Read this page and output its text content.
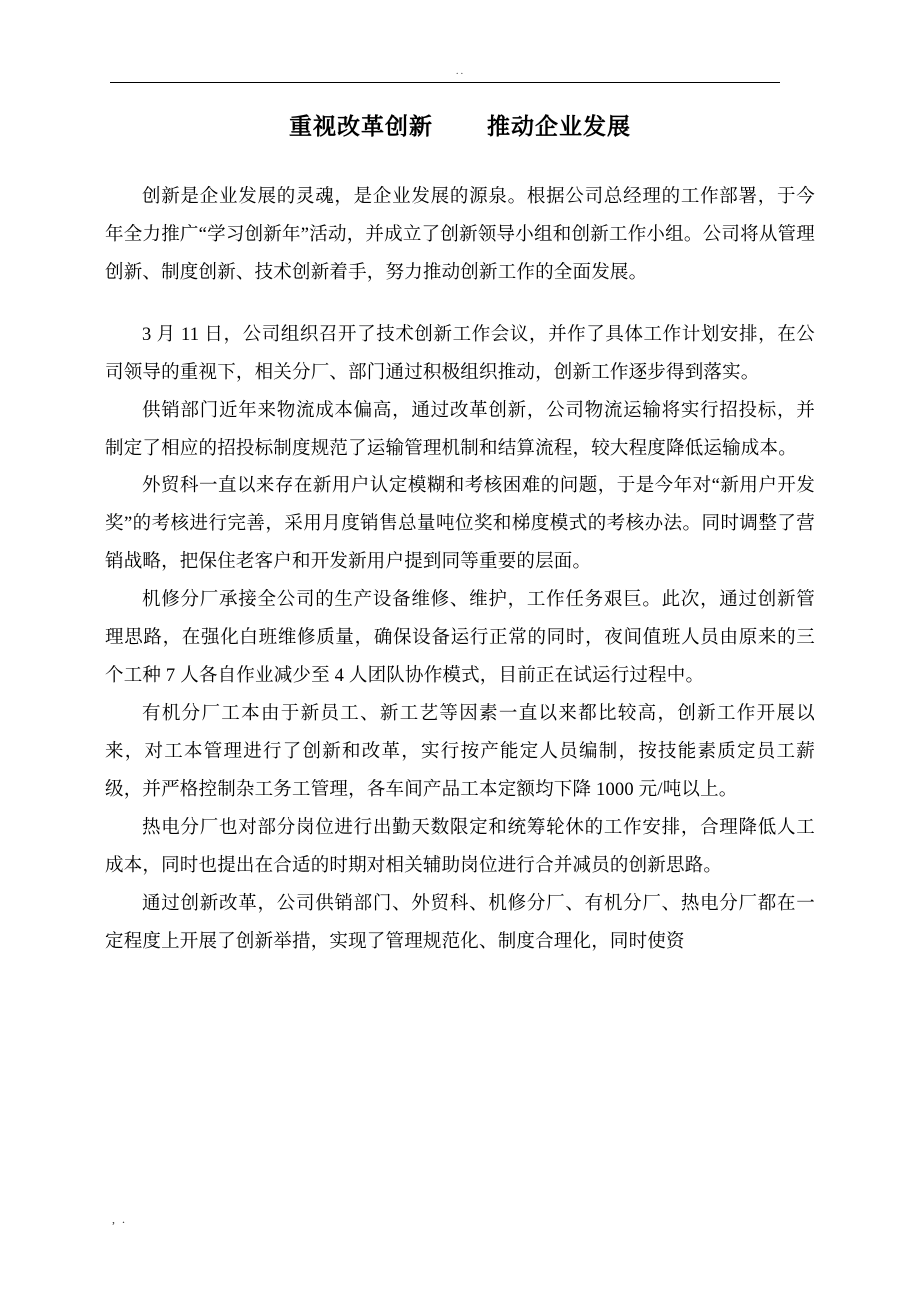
··
重视改革创新 推动企业发展

创新是企业发展的灵魂，是企业发展的源泉。根据公司总经理的工作部署，于今年全力推广“学习创新年”活动，并成立了创新领导小组和创新工作小组。公司将从管理创新、制度创新、技术创新着手，努力推动创新工作的全面发展。

3 月 11 日，公司组织召开了技术创新工作会议，并作了具体工作计划安排，在公司领导的重视下，相关分厂、部门通过积极组织推动，创新工作逐步得到落实。

供销部门近年来物流成本偏高，通过改革创新，公司物流运输将实行招投标，并制定了相应的招投标制度规范了运输管理机制和结算流程，较大程度降低运输成本。

外贸科一直以来存在新用户认定模糊和考核困难的问题，于是今年对“新用户开发奖”的考核进行完善，采用月度销售总量吨位奖和梯度模式的考核办法。同时调整了营销战略，把保住老客户和开发新用户提到同等重要的层面。

机修分厂承接全公司的生产设备维修、维护，工作任务艰巨。此次，通过创新管理思路，在强化白班维修质量，确保设备运行正常的同时，夜间值班人员由原来的三个工种 7 人各自作业减少至 4 人团队协作模式，目前正在试运行过程中。

有机分厂工本由于新员工、新工艺等因素一直以来都比较高，创新工作开展以来，对工本管理进行了创新和改革，实行按产能定人员编制，按技能素质定员工薪级，并严格控制杂工务工管理，各车间产品工本定额均下降 1000 元/吨以上。

热电分厂也对部分岗位进行出勤天数限定和统筹轮休的工作安排，合理降低人工成本，同时也提出在合适的时期对相关辅助岗位进行合并减员的创新思路。

通过创新改革，公司供销部门、外贸科、机修分厂、有机分厂、热电分厂都在一定程度上开展了创新举措，实现了管理规范化、制度合理化，同时使资

, .
